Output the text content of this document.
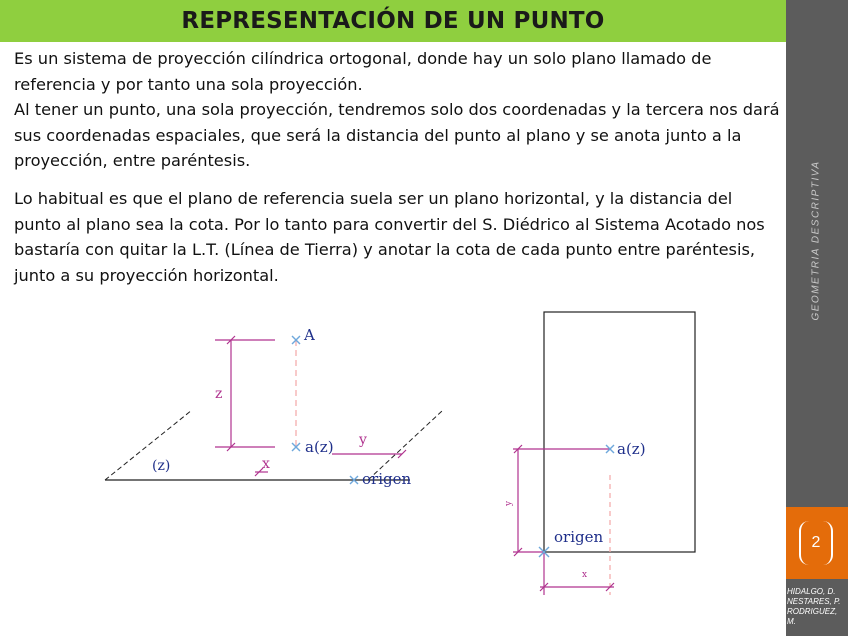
REPRESENTACIÓN DE UN PUNTO

Es un sistema de proyección cilíndrica ortogonal, donde hay un solo plano llamado de referencia y por tanto una sola proyección.

Al tener un punto, una sola proyección, tendremos solo dos coordenadas y la tercera nos dará sus coordenadas espaciales, que será la distancia del punto al plano y se anota junto a la proyección, entre paréntesis.

Lo habitual es que el plano de referencia suela ser un plano horizontal, y la distancia del punto al plano sea la cota. Por lo tanto para convertir del S. Diédrico al Sistema Acotado nos bastaría con quitar la L.T. (Línea de Tierra) y anotar la cota de cada punto entre paréntesis, junto a su proyección horizontal.

z
A
a(z) y
x
(z)
origen
y
x
a(z)
origen
GEOMETRIA DESCRIPTIVA
2
HIDALGO, D.
NESTARES, P.
RODRIGUEZ, M.
